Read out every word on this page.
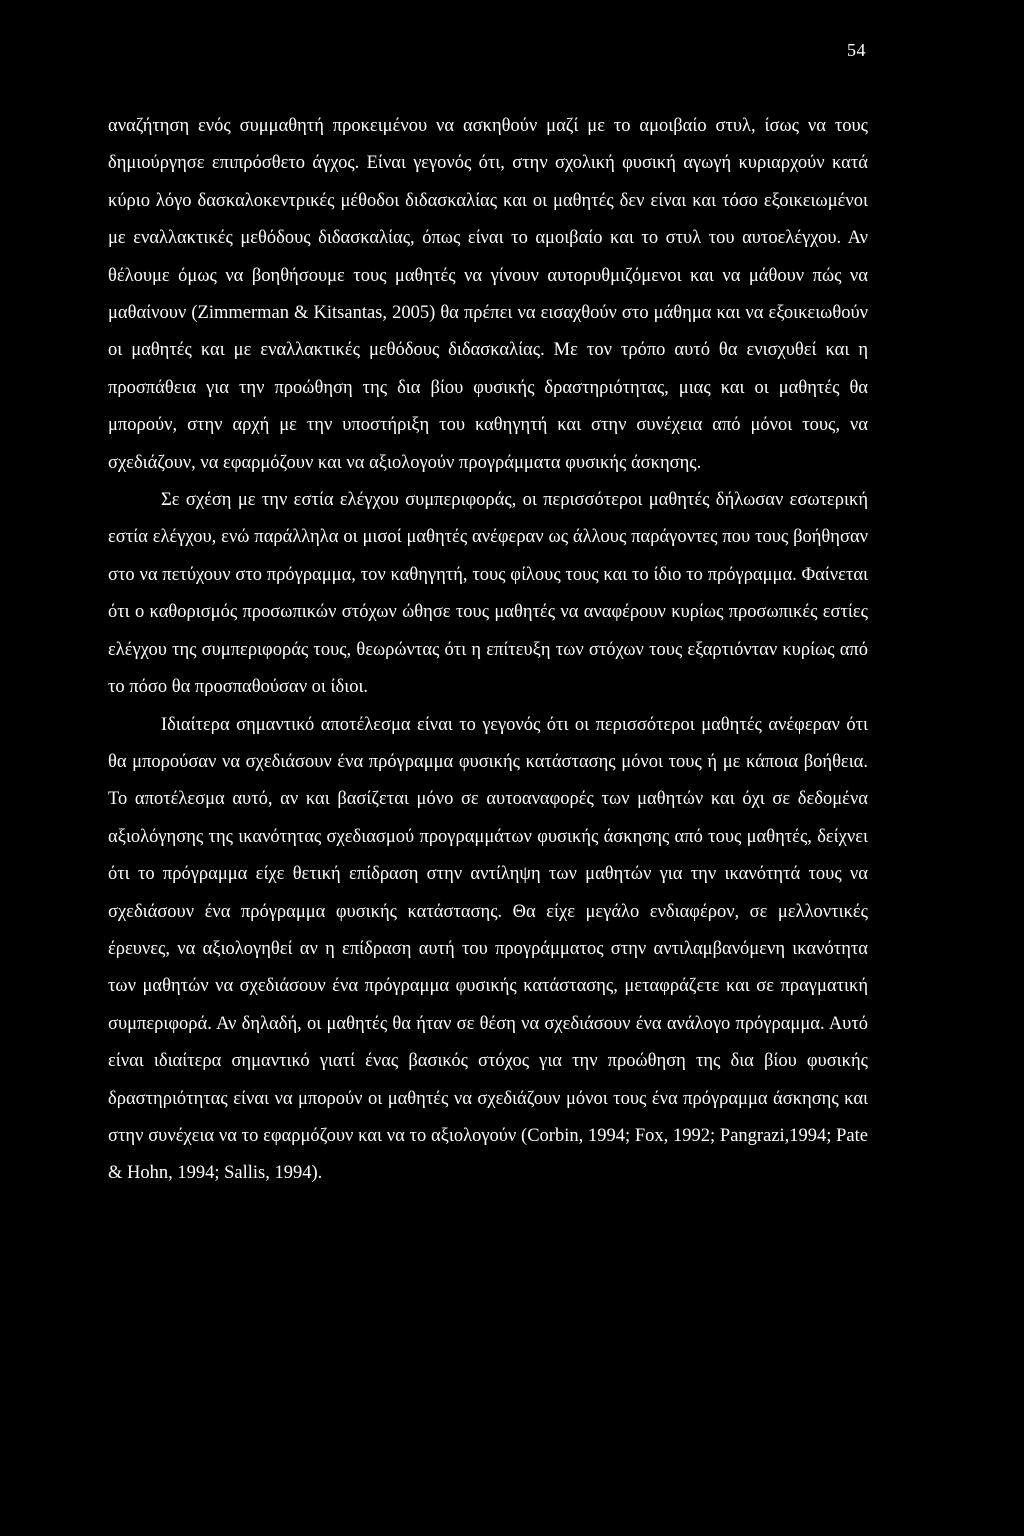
54

αναζήτηση ενός συμμαθητή προκειμένου να ασκηθούν μαζί με το αμοιβαίο στυλ, ίσως να τους δημιούργησε επιπρόσθετο άγχος. Είναι γεγονός ότι, στην σχολική φυσική αγωγή κυριαρχούν κατά κύριο λόγο δασκαλοκεντρικές μέθοδοι διδασκαλίας και οι μαθητές δεν είναι και τόσο εξοικειωμένοι με εναλλακτικές μεθόδους διδασκαλίας, όπως είναι το αμοιβαίο και το στυλ του αυτοελέγχου. Αν θέλουμε όμως να βοηθήσουμε τους μαθητές να γίνουν αυτορυθμιζόμενοι και να μάθουν πώς να μαθαίνουν (Zimmerman & Kitsantas, 2005) θα πρέπει να εισαχθούν στο μάθημα και να εξοικειωθούν οι μαθητές και με εναλλακτικές μεθόδους διδασκαλίας. Με τον τρόπο αυτό θα ενισχυθεί και η προσπάθεια για την προώθηση της δια βίου φυσικής δραστηριότητας, μιας και οι μαθητές θα μπορούν, στην αρχή με την υποστήριξη του καθηγητή και στην συνέχεια από μόνοι τους, να σχεδιάζουν, να εφαρμόζουν και να αξιολογούν προγράμματα φυσικής άσκησης.

Σε σχέση με την εστία ελέγχου συμπεριφοράς, οι περισσότεροι μαθητές δήλωσαν εσωτερική εστία ελέγχου, ενώ παράλληλα οι μισοί μαθητές ανέφεραν ως άλλους παράγοντες που τους βοήθησαν στο να πετύχουν στο πρόγραμμα, τον καθηγητή, τους φίλους τους και το ίδιο το πρόγραμμα. Φαίνεται ότι ο καθορισμός προσωπικών στόχων ώθησε τους μαθητές να αναφέρουν κυρίως προσωπικές εστίες ελέγχου της συμπεριφοράς τους, θεωρώντας ότι η επίτευξη των στόχων τους εξαρτιόνταν κυρίως από το πόσο θα προσπαθούσαν οι ίδιοι.

Ιδιαίτερα σημαντικό αποτέλεσμα είναι το γεγονός ότι οι περισσότεροι μαθητές ανέφεραν ότι θα μπορούσαν να σχεδιάσουν ένα πρόγραμμα φυσικής κατάστασης μόνοι τους ή με κάποια βοήθεια. Το αποτέλεσμα αυτό, αν και βασίζεται μόνο σε αυτοαναφορές των μαθητών και όχι σε δεδομένα αξιολόγησης της ικανότητας σχεδιασμού προγραμμάτων φυσικής άσκησης από τους μαθητές, δείχνει ότι το πρόγραμμα είχε θετική επίδραση στην αντίληψη των μαθητών για την ικανότητά τους να σχεδιάσουν ένα πρόγραμμα φυσικής κατάστασης. Θα είχε μεγάλο ενδιαφέρον, σε μελλοντικές έρευνες, να αξιολογηθεί αν η επίδραση αυτή του προγράμματος στην αντιλαμβανόμενη ικανότητα των μαθητών να σχεδιάσουν ένα πρόγραμμα φυσικής κατάστασης, μεταφράζετε και σε πραγματική συμπεριφορά. Αν δηλαδή, οι μαθητές θα ήταν σε θέση να σχεδιάσουν ένα ανάλογο πρόγραμμα. Αυτό είναι ιδιαίτερα σημαντικό γιατί ένας βασικός στόχος για την προώθηση της δια βίου φυσικής δραστηριότητας είναι να μπορούν οι μαθητές να σχεδιάζουν μόνοι τους ένα πρόγραμμα άσκησης και στην συνέχεια να το εφαρμόζουν και να το αξιολογούν (Corbin, 1994; Fox, 1992; Pangrazi,1994; Pate & Hohn, 1994; Sallis, 1994).
